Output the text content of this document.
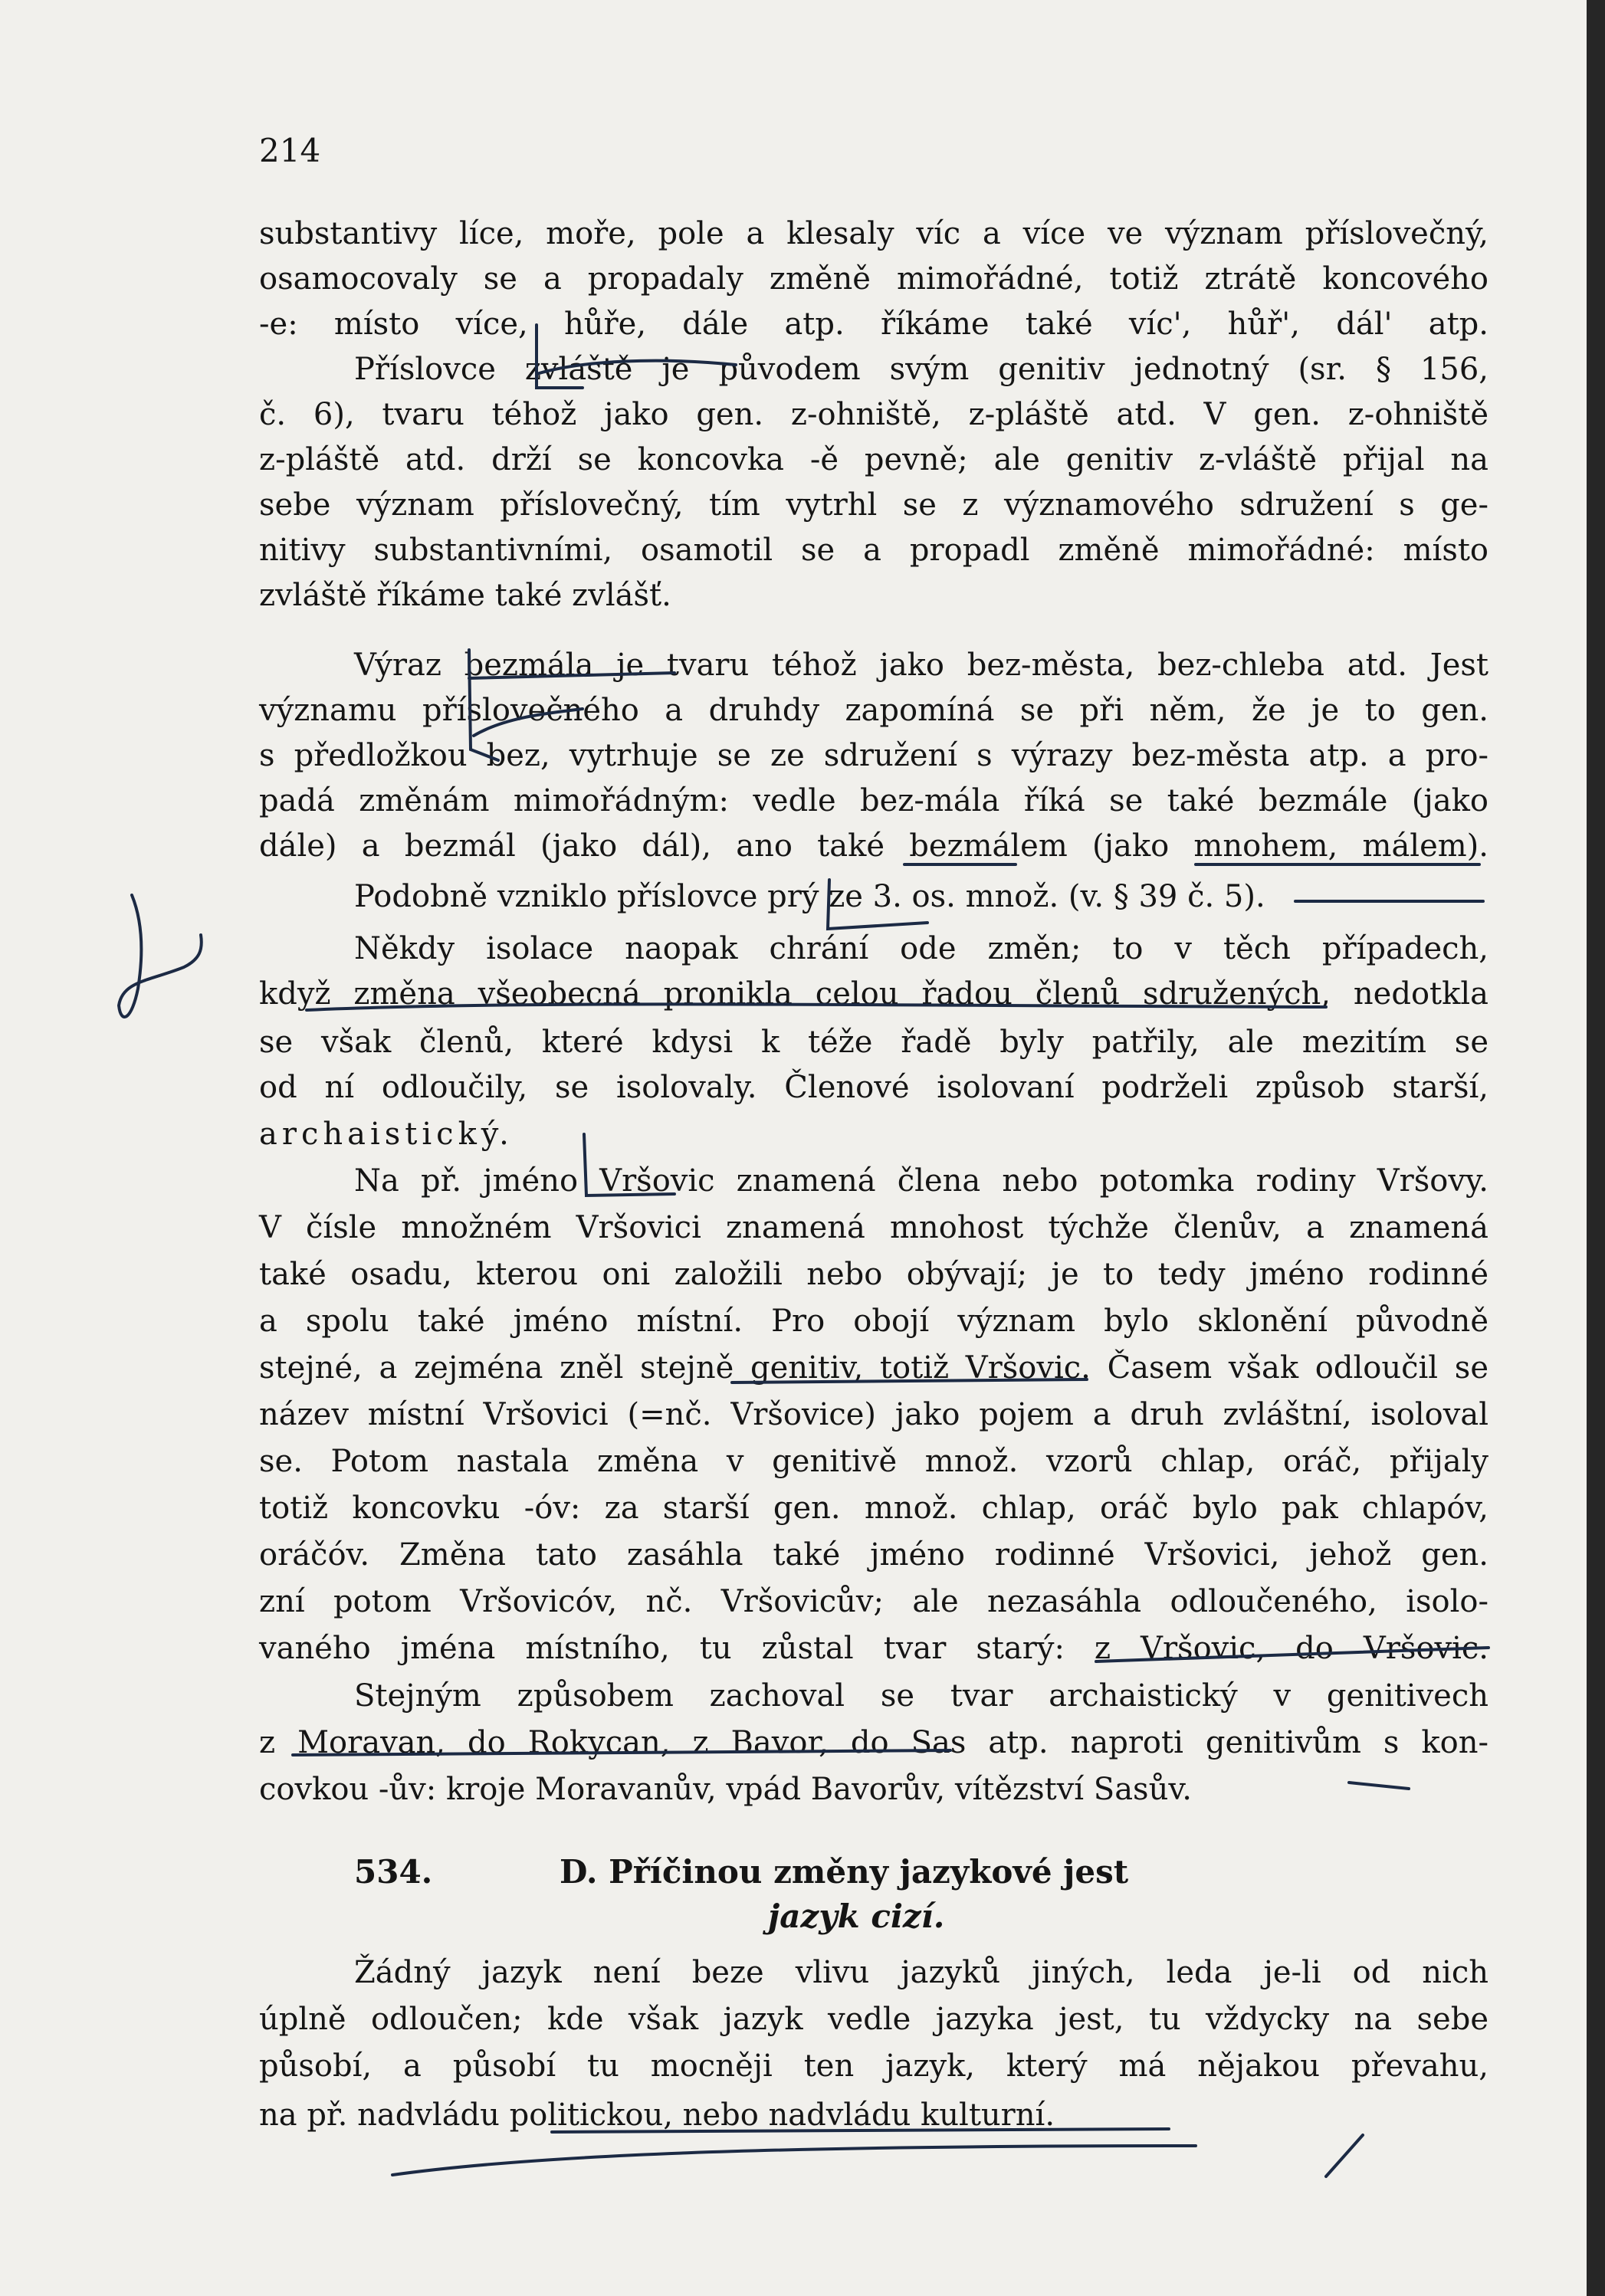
214
substantivy líce, moře, pole a klesaly víc a více ve význam příslovečný,
osamocovaly se a propadaly změně mimořádné, totiž ztrátě koncového
-e: místo více, hůře, dále atp. říkáme také víc', hůř', dál' atp.
Příslovce zvláště je původem svým genitiv jednotný (sr. § 156,
č. 6), tvaru téhož jako gen. z-ohniště, z-pláště atd. V gen. z-ohniště
z-pláště atd. drží se koncovka -ě pevně; ale genitiv z-vláště přijal na
sebe význam příslovečný, tím vytrhl se z významového sdružení s ge-
nitivy substantivními, osamotil se a propadl změně mimořádné: místo
zvláště říkáme také zvlášť.
Výraz bezmála je tvaru téhož jako bez-města, bez-chleba atd. Jest
významu příslovečného a druhdy zapomíná se při něm, že je to gen.
s předložkou bez, vytrhuje se ze sdružení s výrazy bez-města atp. a pro-
padá změnám mimořádným: vedle bez-mála říká se také bezmále (jako
dále) a bezmál (jako dál), ano také bezmálem (jako mnohem, málem).
Podobně vzniklo příslovce prý ze 3. os. množ. (v. § 39 č. 5).
Někdy isolace naopak chrání ode změn; to v těch případech,
když změna všeobecná pronikla celou řadou členů sdružených, nedotkla
se však členů, které kdysi k téže řadě byly patřily, ale mezitím se
od ní odloučily, se isolovaly. Členové isolovaní podrželi způsob starší,
archaistický.
Na př. jméno Vršovic znamená člena nebo potomka rodiny Vršovy.
V čísle množném Vršovici znamená mnohost týchže členův, a znamená
také osadu, kterou oni založili nebo obývají; je to tedy jméno rodinné
a spolu také jméno místní. Pro obojí význam bylo sklonění původně
stejné, a zejména zněl stejně genitiv, totiž Vršovic. Časem však odloučil se
název místní Vršovici (=nč. Vršovice) jako pojem a druh zvláštní, isoloval
se. Potom nastala změna v genitivě množ. vzorů chlap, oráč, přijaly
totiž koncovku -óv: za starší gen. množ. chlap, oráč bylo pak chlapóv,
oráčóv. Změna tato zasáhla také jméno rodinné Vršovici, jehož gen.
zní potom Vršovicóv, nč. Vršovicův; ale nezasáhla odloučeného, isolo-
vaného jména místního, tu zůstal tvar starý: z Vršovic, do Vršovic.
Stejným způsobem zachoval se tvar archaistický v genitivech
z Moravan, do Rokycan, z Bavor, do Sas atp. naproti genitivům s kon-
covkou -ův: kroje Moravanův, vpád Bavorův, vítězství Sasův.
534.	D. Příčinou změny jazykové jest
jazyk cizí.
Žádný jazyk není beze vlivu jazyků jiných, leda je-li od nich
úplně odloučen; kde však jazyk vedle jazyka jest, tu vždycky na sebe
působí, a působí tu mocněji ten jazyk, který má nějakou převahu,
na př. nadvládu politickou, nebo nadvládu kulturní.
